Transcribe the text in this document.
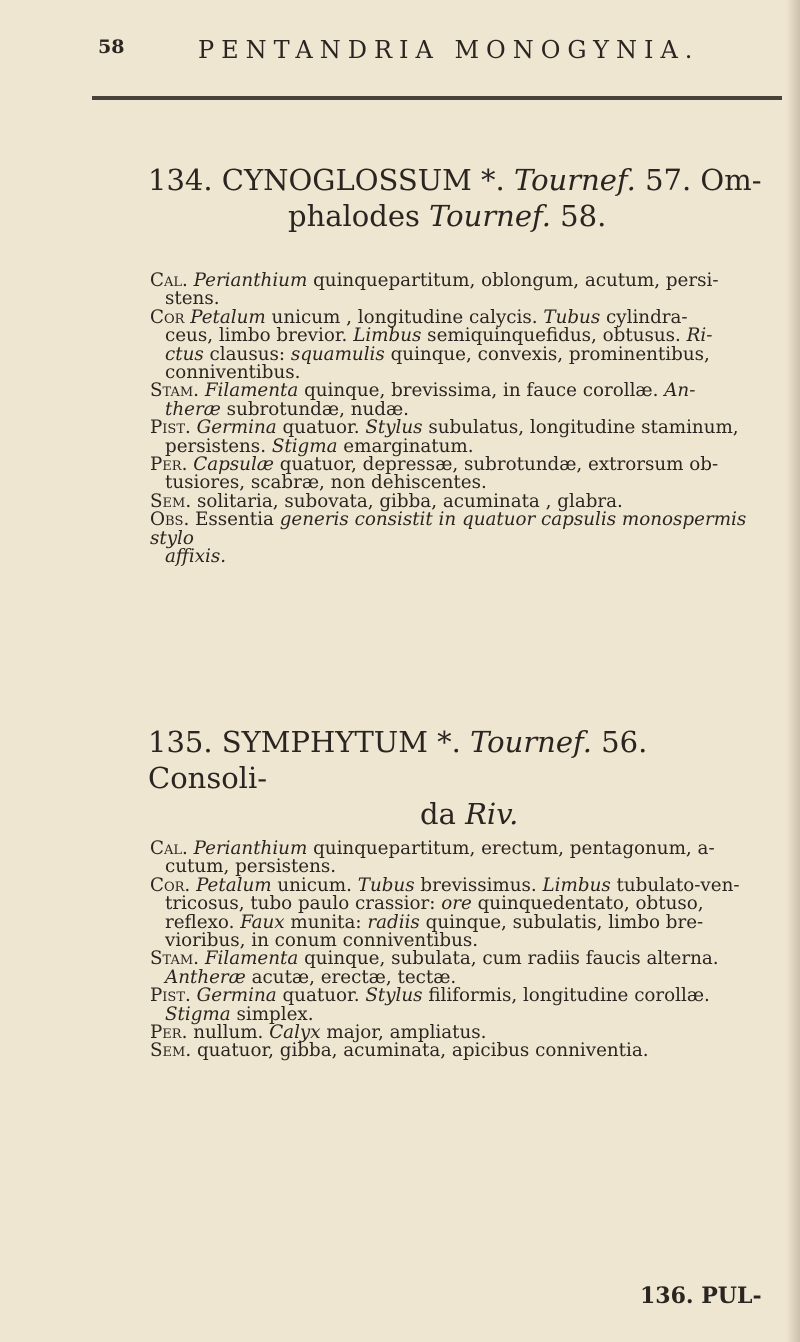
58	PENTANDRIA MONOGYNIA.
134. CYNOGLOSSUM *. Tournef. 57. Om-
phalodes Tournef. 58.

Cal. Perianthium quinquepartitum, oblongum, acutum, persi-

stens.

Cor Petalum unicum , longitudine calycis. Tubus cylindra-

ceus, limbo brevior. Limbus semiquinquefidus, obtusus. Ri-

ctus clausus: squamulis quinque, convexis, prominentibus,

conniventibus.

Stam. Filamenta quinque, brevissima, in fauce corollæ. An-

theræ subrotundæ, nudæ.

Pist. Germina quatuor. Stylus subulatus, longitudine staminum,

persistens. Stigma emarginatum.

Per. Capsulæ quatuor, depressæ, subrotundæ, extrorsum ob-

tusiores, scabræ, non dehiscentes.

Sem. solitaria, subovata, gibba, acuminata , glabra.

Obs. Essentia generis consistit in quatuor capsulis monospermis stylo

affixis.

135. SYMPHYTUM *. Tournef. 56. Consoli-
da Riv.

Cal. Perianthium quinquepartitum, erectum, pentagonum, a-

cutum, persistens.

Cor. Petalum unicum. Tubus brevissimus. Limbus tubulato-ven-

tricosus, tubo paulo crassior: ore quinquedentato, obtuso,

reflexo. Faux munita: radiis quinque, subulatis, limbo bre-

vioribus, in conum conniventibus.

Stam. Filamenta quinque, subulata, cum radiis faucis alterna.

Antheræ acutæ, erectæ, tectæ.

Pist. Germina quatuor. Stylus filiformis, longitudine corollæ.

Stigma simplex.

Per. nullum. Calyx major, ampliatus.

Sem. quatuor, gibba, acuminata, apicibus conniventia.

136. PUL-
